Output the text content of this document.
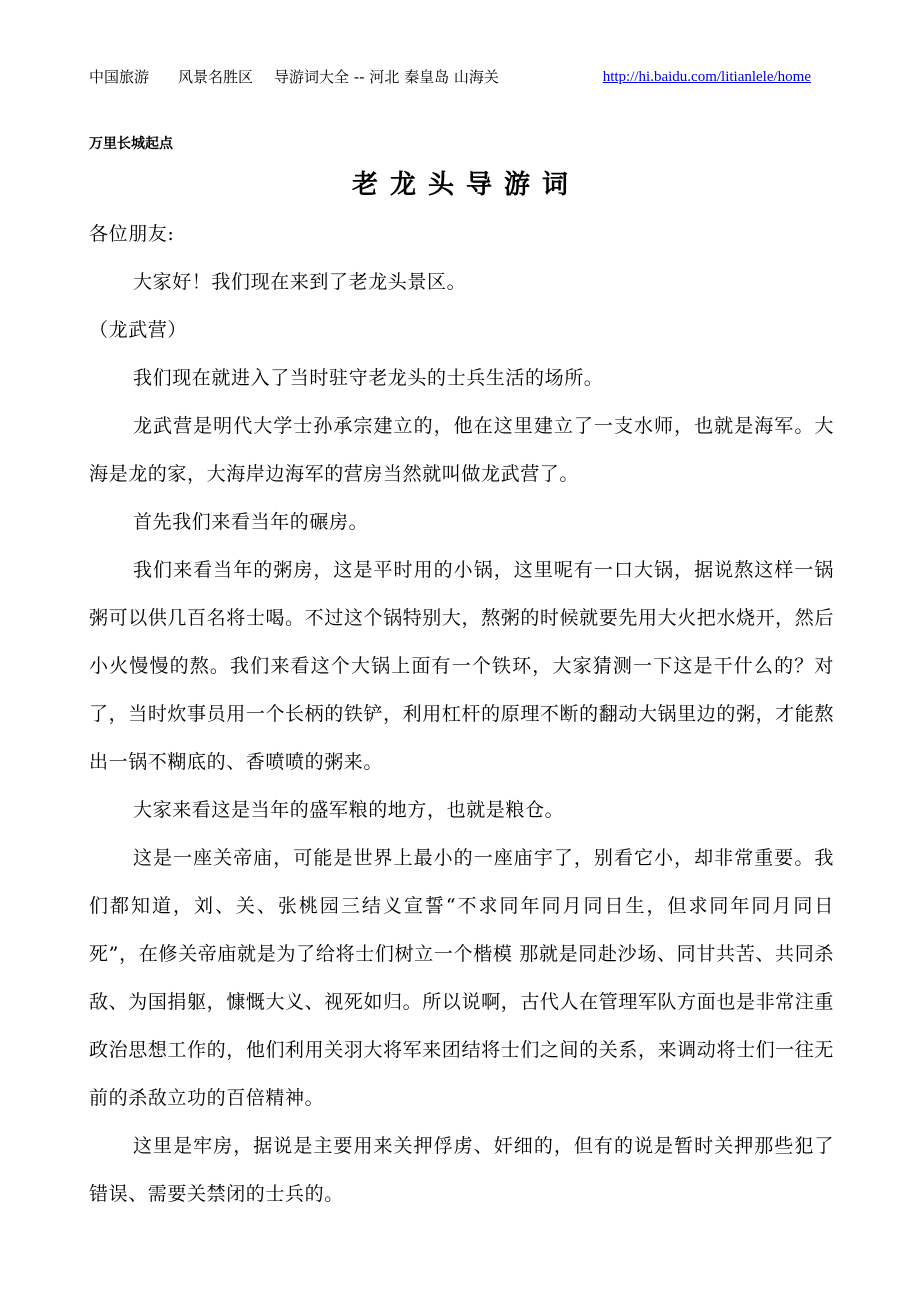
中国旅游 风景名胜区 导游词大全 -- 河北 秦皇岛 山海关	http://hi.baidu.com/litianlele/home
万里长城起点
老龙头导游词

各位朋友:

大家好！我们现在来到了老龙头景区。

（龙武营）

我们现在就进入了当时驻守老龙头的士兵生活的场所。

龙武营是明代大学士孙承宗建立的，他在这里建立了一支水师，也就是海军。大海是龙的家，大海岸边海军的营房当然就叫做龙武营了。

首先我们来看当年的碾房。

我们来看当年的粥房，这是平时用的小锅，这里呢有一口大锅，据说熬这样一锅粥可以供几百名将士喝。不过这个锅特别大，熬粥的时候就要先用大火把水烧开，然后小火慢慢的熬。我们来看这个大锅上面有一个铁环，大家猜测一下这是干什么的？对了，当时炊事员用一个长柄的铁铲，利用杠杆的原理不断的翻动大锅里边的粥，才能熬出一锅不糊底的、香喷喷的粥来。

大家来看这是当年的盛军粮的地方，也就是粮仓。

这是一座关帝庙，可能是世界上最小的一座庙宇了，别看它小，却非常重要。我们都知道，刘、关、张桃园三结义宣誓“不求同年同月同日生，但求同年同月同日死”，在修关帝庙就是为了给将士们树立一个楷模 那就是同赴沙场、同甘共苦、共同杀敌、为国捐躯，慷慨大义、视死如归。所以说啊，古代人在管理军队方面也是非常注重政治思想工作的，他们利用关羽大将军来团结将士们之间的关系，来调动将士们一往无前的杀敌立功的百倍精神。

这里是牢房，据说是主要用来关押俘虏、奸细的，但有的说是暂时关押那些犯了错误、需要关禁闭的士兵的。
